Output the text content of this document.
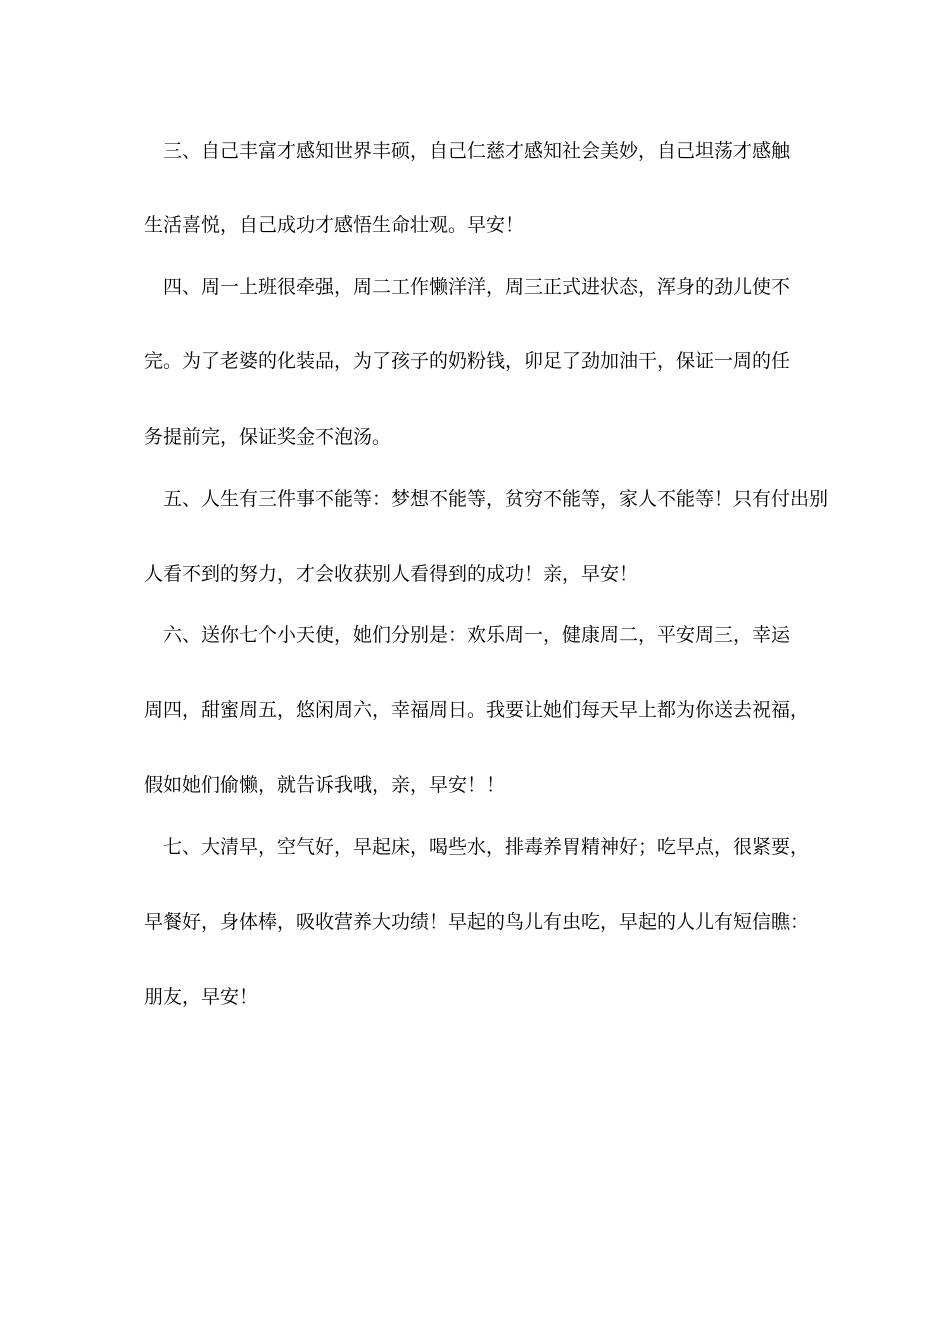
三、自己丰富才感知世界丰硕，自己仁慈才感知社会美妙，自己坦荡才感触
生活喜悦，自己成功才感悟生命壮观。早安！
四、周一上班很牵强，周二工作懒洋洋，周三正式进状态，浑身的劲儿使不
完。为了老婆的化装品，为了孩子的奶粉钱，卯足了劲加油干，保证一周的任
务提前完，保证奖金不泡汤。
五、人生有三件事不能等：梦想不能等，贫穷不能等，家人不能等！只有付出别
人看不到的努力，才会收获别人看得到的成功！亲，早安！
六、送你七个小天使，她们分别是：欢乐周一，健康周二，平安周三，幸运
周四，甜蜜周五，悠闲周六，幸福周日。我要让她们每天早上都为你送去祝福，
假如她们偷懒，就告诉我哦，亲，早安！！
七、大清早，空气好，早起床，喝些水，排毒养胃精神好；吃早点，很紧要，
早餐好，身体棒，吸收营养大功绩！早起的鸟儿有虫吃，早起的人儿有短信瞧：
朋友，早安！
